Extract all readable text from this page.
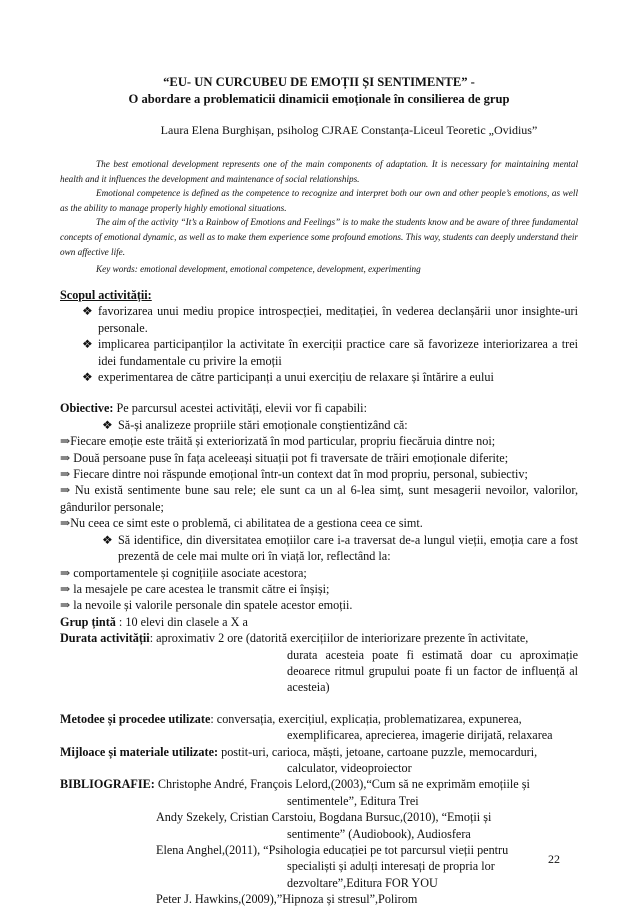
“EU- UN CURCUBEU DE EMOȚII ȘI SENTIMENTE” -
O abordare a problematicii dinamicii emoționale în consilierea de grup
Laura Elena Burghișan, psiholog CJRAE Constanța-Liceul Teoretic „Ovidius”

The best emotional development represents one of the main components of adaptation. It is necessary for maintaining mental health and it influences the development and maintenance of social relationships.

Emotional competence is defined as the competence to recognize and interpret both our own and other people’s emotions, as well as the ability to manage properly highly emotional situations.

The aim of the activity “It’s a Rainbow of Emotions and Feelings” is to make the students know and be aware of three fundamental concepts of emotional dynamic, as well as to make them experience some profound emotions. This way, students can deeply understand their own affective life.

Key words: emotional development, emotional competence, development, experimenting

Scopul activității:

❖ favorizarea unui mediu propice introspecției, meditației, în vederea declanșării unor insighte-uri personale.

❖ implicarea participanților la activitate în exerciții practice care să favorizeze interiorizarea a trei idei fundamentale cu privire la emoții

❖ experimentarea de către participanți a unui exercițiu de relaxare și întărire a eului

Obiective: Pe parcursul acestei activități, elevii vor fi capabili:

❖ Să-și analizeze propriile stări emoționale conștientizând că:

⇒Fiecare emoție este trăită și exteriorizată în mod particular, propriu fiecăruia dintre noi;

⇒ Două persoane puse în fața aceleeași situații pot fi traversate de trăiri emoționale diferite;

⇒ Fiecare dintre noi răspunde emoțional într-un context dat în mod propriu, personal, subiectiv;

⇒ Nu există sentimente bune sau rele; ele sunt ca un al 6-lea simț, sunt mesagerii nevoilor, valorilor, gândurilor personale;

⇒Nu ceea ce simt este o problemă, ci abilitatea de a gestiona ceea ce simt.

❖ Să identifice, din diversitatea emoțiilor care i-a traversat de-a lungul vieții, emoția care a fost prezentă de cele mai multe ori în viață lor, reflectând la:

⇒ comportamentele și cognițiile asociate acestora;

⇒ la mesajele pe care acestea le transmit către ei înșiși;

⇒ la nevoile și valorile personale din spatele acestor emoții.

Grup țintă : 10 elevi din clasele a X a

Durata activității: aproximativ 2 ore (datorită exercițiilor de interiorizare prezente în activitate,

durata acesteia poate fi estimată doar cu aproximație deoarece ritmul grupului poate fi un factor de influență al acesteia)

Metodee și procedee utilizate: conversația, exercițiul, explicația, problematizarea, expunerea,

exemplificarea, aprecierea, imagerie dirijată, relaxarea

Mijloace și materiale utilizate: postit-uri, carioca, măști, jetoane, cartoane puzzle, memocarduri,

calculator, videoproiector

BIBLIOGRAFIE: Christophe André, François Lelord,(2003),“Cum să ne exprimăm emoțiile și

sentimentele”, Editura Trei

Andy Szekely, Cristian Carstoiu, Bogdana Bursuc,(2010), “Emoții și

sentimente” (Audiobook), Audiosfera

Elena Anghel,(2011), “Psihologia educației pe tot parcursul vieții pentru

specialiști și adulți interesați de propria lor

dezvoltare”,Editura FOR YOU

Peter J. Hawkins,(2009),”Hipnoza și stresul”,Polirom

22
